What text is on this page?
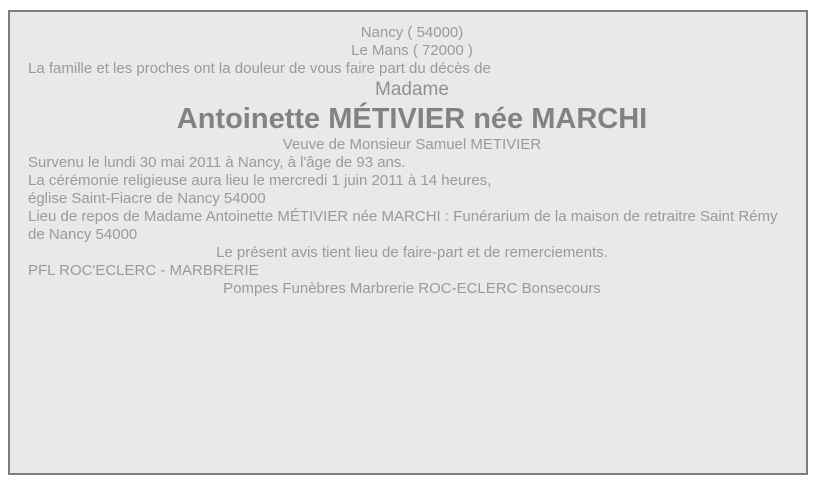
Nancy ( 54000)
Le Mans ( 72000 )

La famille et les proches ont la douleur de vous faire part du décès de

Madame

Antoinette MÉTIVIER née MARCHI

Veuve de Monsieur Samuel METIVIER

Survenu le lundi 30 mai 2011 à Nancy, à l'âge de 93 ans.

La cérémonie religieuse aura lieu le mercredi 1 juin 2011 à 14 heures,
église Saint-Fiacre de Nancy 54000

Lieu de repos de Madame Antoinette MÉTIVIER née MARCHI : Funérarium de la maison de retraitre Saint Rémy de Nancy 54000

Le présent avis tient lieu de faire-part et de remerciements.

PFL ROC'ECLERC - MARBRERIE

Pompes Funèbres Marbrerie ROC-ECLERC Bonsecours
